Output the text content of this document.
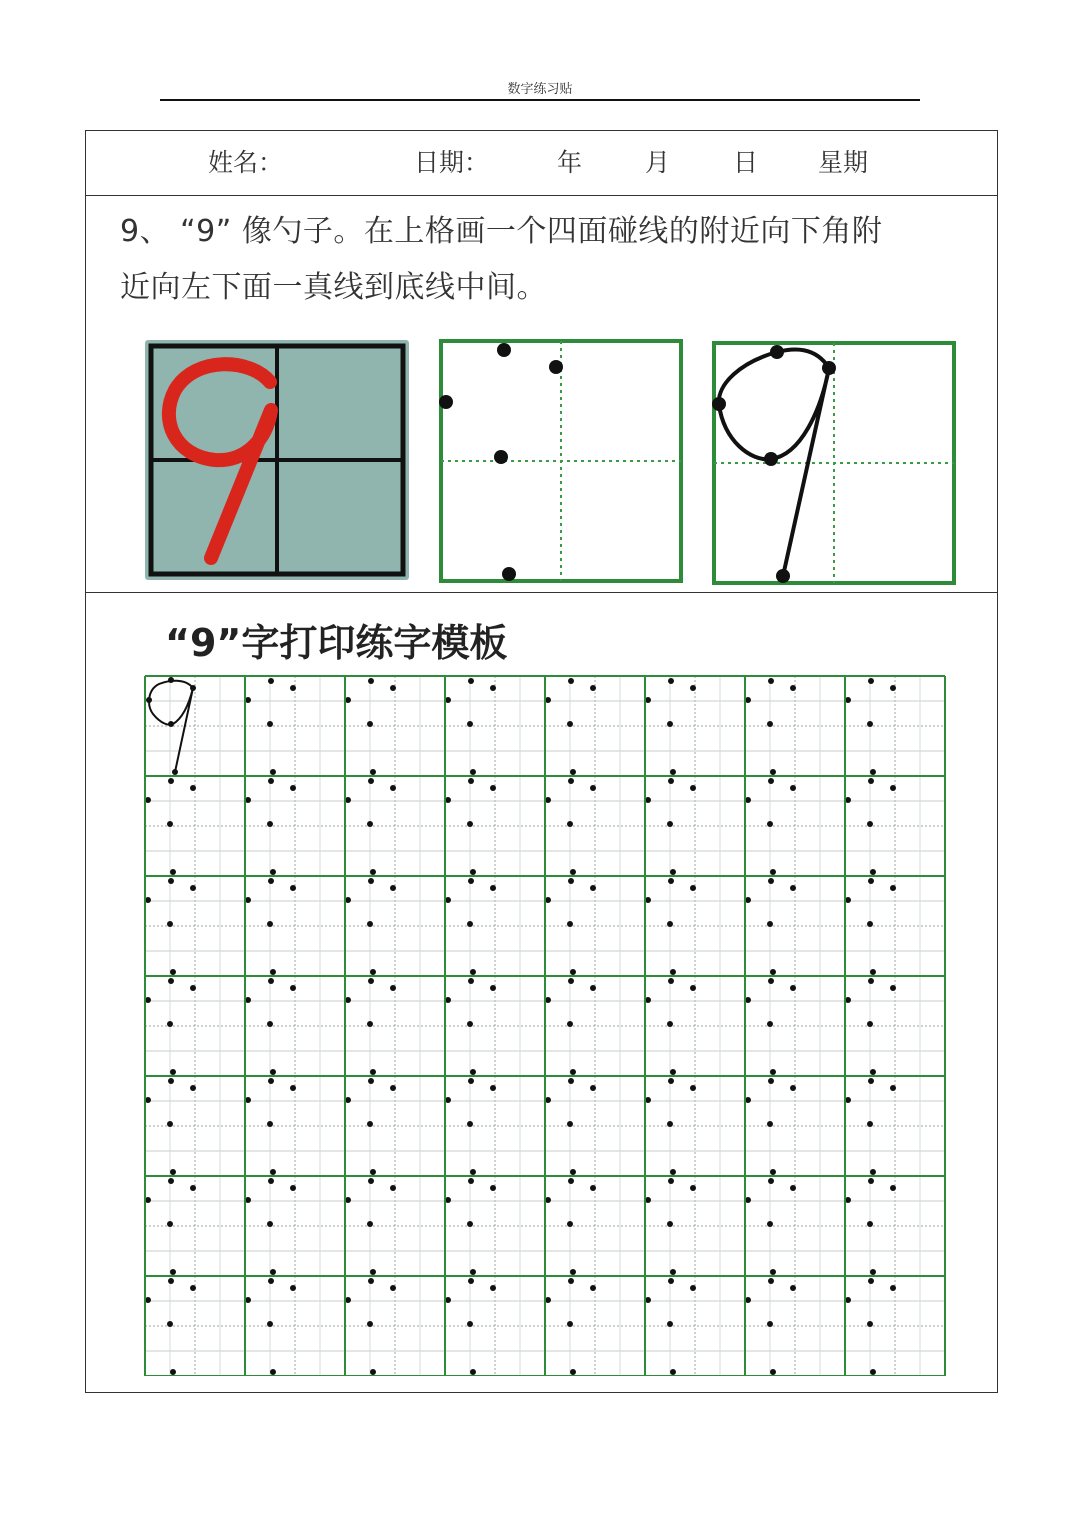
数字练习贴
姓名：	日期：	年	月	日 星期
9、 “9” 像勺子。在上格画一个四面碰线的附近向下角附
近向左下面一真线到底线中间。
“9”字打印练字模板
